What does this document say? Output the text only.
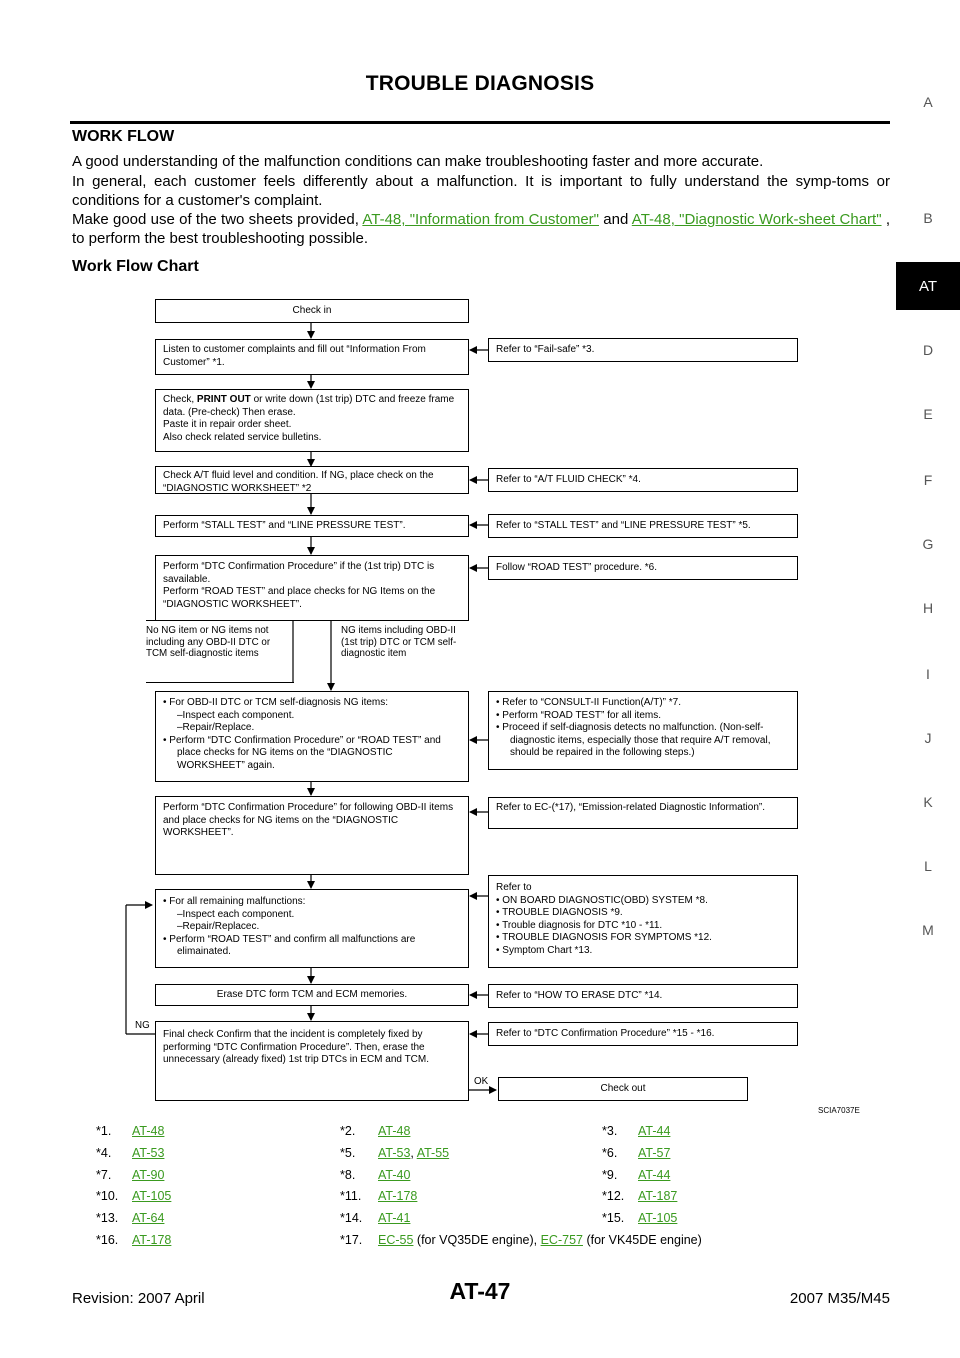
TROUBLE DIAGNOSIS
WORK FLOW
A good understanding of the malfunction conditions can make troubleshooting faster and more accurate.
In general, each customer feels differently about a malfunction. It is important to fully understand the symp-toms or conditions for a customer's complaint.
Make good use of the two sheets provided, AT-48, "Information from Customer" and AT-48, "Diagnostic Work-sheet Chart" , to perform the best troubleshooting possible.
Work Flow Chart
A
B
AT
D
E
F
G
H
I
J
K
L
M
Check in
Listen to customer complaints and fill out “Information From Customer” *1.
Refer to “Fail-safe” *3.
Check, PRINT OUT or write down (1st trip) DTC and freeze frame data. (Pre-check) Then erase.
Paste it in repair order sheet.
Also check related service bulletins.
Check A/T fluid level and condition. If NG, place check on the “DIAGNOSTIC WORKSHEET” *2
Refer to “A/T FLUID CHECK” *4.
Perform “STALL TEST” and “LINE PRESSURE TEST”.	Refer to “STALL TEST” and “LINE PRESSURE TEST” *5.
Perform “DTC Confirmation Procedure” if the (1st trip) DTC is savailable.
Perform “ROAD TEST” and place checks for NG Items on the “DIAGNOSTIC WORKSHEET”.
Follow “ROAD TEST” procedure. *6.
No NG item or NG items not including any OBD-II DTC or TCM self-diagnostic items
NG items including OBD-II (1st trip) DTC or TCM self-diagnostic item
• For OBD-II DTC or TCM self-diagnosis NG items:
–Inspect each component.
–Repair/Replace.
• Perform “DTC Confirmation Procedure” or “ROAD TEST” and place checks for NG items on the “DIAGNOSTIC WORKSHEET” again.
• Refer to “CONSULT-II Function(A/T)” *7.
• Perform “ROAD TEST” for all items.
• Proceed if self-diagnosis detects no malfunction. (Non-self-diagnostic items, especially those that require A/T removal, should be repaired in the following steps.)
Perform “DTC Confirmation Procedure” for following OBD-II items and place checks for NG items on the “DIAGNOSTIC WORKSHEET”.
Refer to EC-(*17), “Emission-related Diagnostic Information”.
• For all remaining malfunctions:
–Inspect each component.
–Repair/Replacec.
• Perform “ROAD TEST” and confirm all malfunctions are elimainated.
Refer to
• ON BOARD DIAGNOSTIC(OBD) SYSTEM *8.
• TROUBLE DIAGNOSIS *9.
• Trouble diagnosis for DTC *10 - *11.
• TROUBLE DIAGNOSIS FOR SYMPTOMS *12.
• Symptom Chart *13.
Erase DTC form TCM and ECM memories.	Refer to “HOW TO ERASE DTC” *14.
Final check Confirm that the incident is completely fixed by performing “DTC Confirmation Procedure”. Then, erase the unnecessary (already fixed) 1st trip DTCs in ECM and TCM.
Refer to “DTC Confirmation Procedure” *15 - *16.
NG
OK
Check out
SCIA7037E
*1. AT-48	*2. AT-48	*3. AT-44
*4. AT-53	*5. AT-53, AT-55	*6. AT-57
*7. AT-90	*8. AT-40	*9. AT-44
*10. AT-105	*11. AT-178	*12. AT-187
*13. AT-64	*14. AT-41	*15. AT-105
*16. AT-178	*17. EC-55 (for VQ35DE engine), EC-757 (for VK45DE engine)
Revision: 2007 April	AT-47	2007 M35/M45
